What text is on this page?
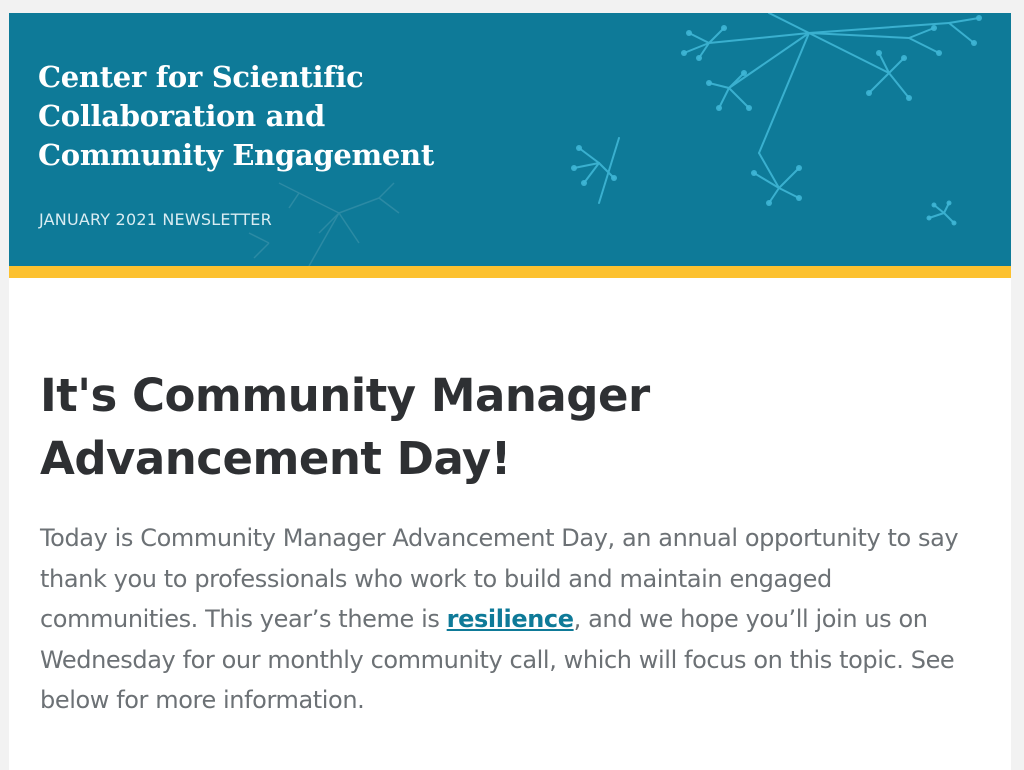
Center for Scientific
Collaboration and
Community Engagement
JANUARY 2021 NEWSLETTER
It's Community Manager
Advancement Day!

Today is Community Manager Advancement Day, an annual opportunity to say thank you to professionals who work to build and maintain engaged communities. This year’s theme is resilience, and we hope you’ll join us on Wednesday for our monthly community call, which will focus on this topic. See below for more information.
